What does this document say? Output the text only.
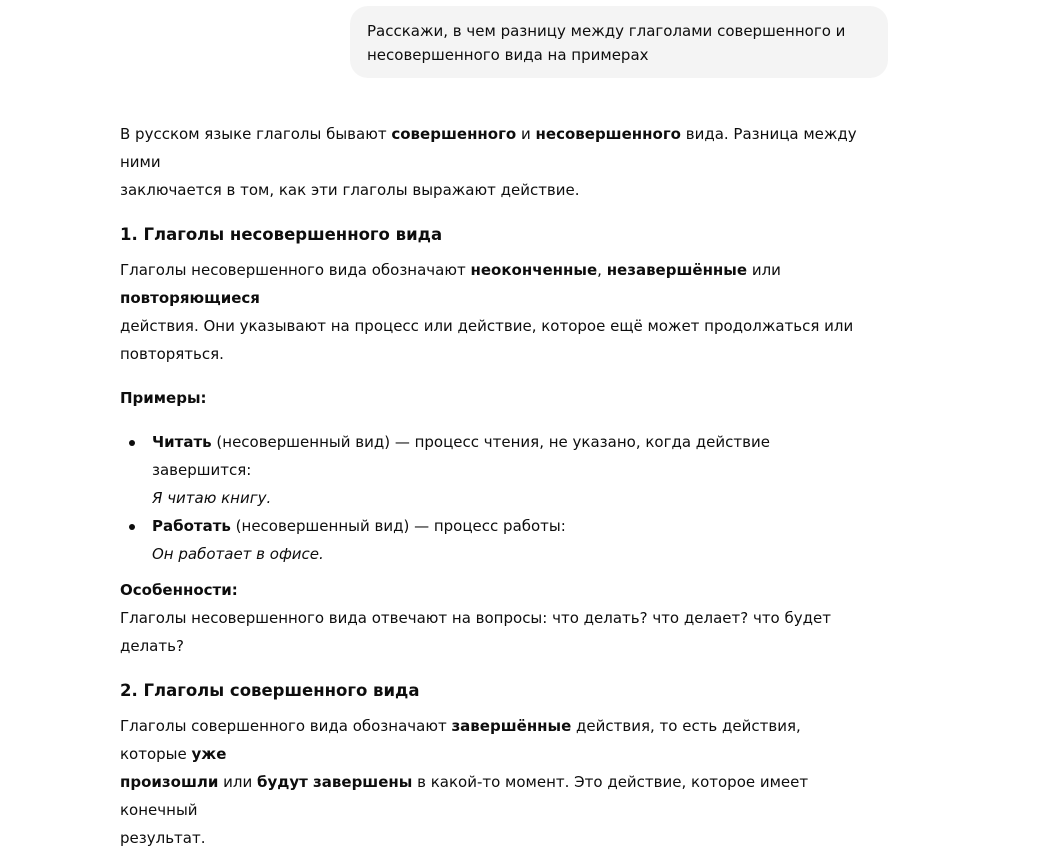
Расскажи, в чем разницу между глаголами совершенного и
несовершенного вида на примерах
В русском языке глаголы бывают совершенного и несовершенного вида. Разница между ними
заключается в том, как эти глаголы выражают действие.
1. Глаголы несовершенного вида
Глаголы несовершенного вида обозначают неоконченные, незавершённые или повторяющиеся
действия. Они указывают на процесс или действие, которое ещё может продолжаться или
повторяться.
Примеры:
Читать (несовершенный вид) — процесс чтения, не указано, когда действие завершится:
Я читаю книгу.
Работать (несовершенный вид) — процесс работы:
Он работает в офисе.
Особенности:
Глаголы несовершенного вида отвечают на вопросы: что делать? что делает? что будет делать?
2. Глаголы совершенного вида
Глаголы совершенного вида обозначают завершённые действия, то есть действия, которые уже
произошли или будут завершены в какой-то момент. Это действие, которое имеет конечный
результат.
